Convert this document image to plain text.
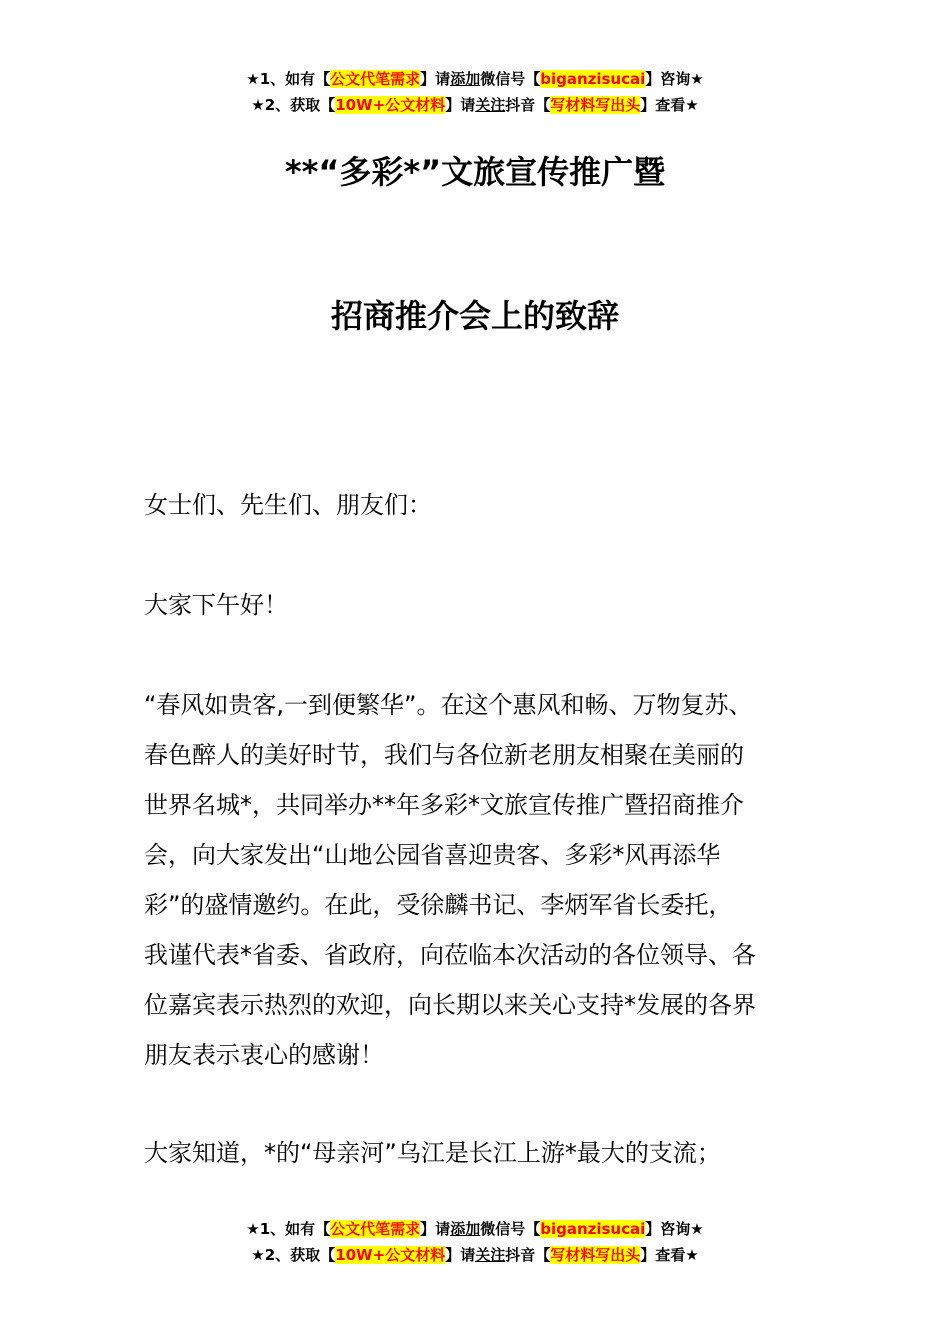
★1、如有【公文代笔需求】请添加微信号【biganzisucai】咨询★
★2、获取【10W+公文材料】请关注抖音【写材料写出头】查看★
**“多彩*”文旅宣传推广暨
招商推介会上的致辞
女士们、先生们、朋友们：
大家下午好！
“春风如贵客,一到便繁华”。在这个惠风和畅、万物复苏、
春色醉人的美好时节，我们与各位新老朋友相聚在美丽的
世界名城*，共同举办**年多彩*文旅宣传推广暨招商推介
会，向大家发出“山地公园省喜迎贵客、多彩*风再添华
彩”的盛情邀约。在此，受徐麟书记、李炳军省长委托，
我谨代表*省委、省政府，向莅临本次活动的各位领导、各
位嘉宾表示热烈的欢迎，向长期以来关心支持*发展的各界
朋友表示衷心的感谢！
大家知道，*的“母亲河”乌江是长江上游*最大的支流；
★1、如有【公文代笔需求】请添加微信号【biganzisucai】咨询★
★2、获取【10W+公文材料】请关注抖音【写材料写出头】查看★
